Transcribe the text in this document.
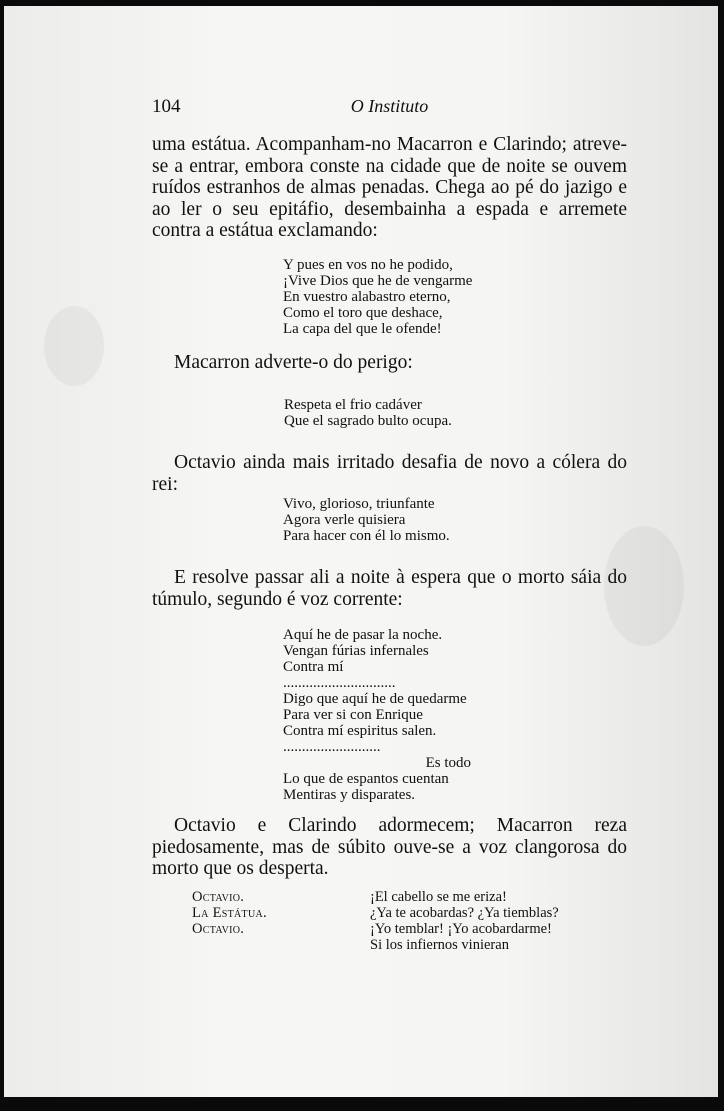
104	O Instituto

uma estátua. Acompanham-no Macarron e Clarindo; atreve-se a entrar, embora conste na cidade que de noite se ouvem ruídos estranhos de almas penadas. Chega ao pé do jazigo e ao ler o seu epitáfio, desembainha a espada e arremete contra a estátua exclamando:

Y pues en vos no he podido,
¡Vive Dios que he de vengarme
En vuestro alabastro eterno,
Como el toro que deshace,
La capa del que le ofende!

Macarron adverte-o do perigo:

Respeta el frio cadáver
Que el sagrado bulto ocupa.

Octavio ainda mais irritado desafia de novo a cólera do rei:

Vivo, glorioso, triunfante
Agora verle quisiera
Para hacer con él lo mismo.

E resolve passar ali a noite à espera que o morto sáia do túmulo, segundo é voz corrente:

Aquí he de pasar la noche.
Vengan fúrias infernales
Contra mí
..............................
Digo que aquí he de quedarme
Para ver si con Enrique
Contra mí espiritus salen.
..........................
Es todo
Lo que de espantos cuentan
Mentiras y disparates.

Octavio e Clarindo adormecem; Macarron reza piedosamente, mas de súbito ouve-se a voz clangorosa do morto que os desperta.

Octavio.	¡El cabello se me eriza!
La Estátua.	¿Ya te acobardas? ¿Ya tiemblas?
Octavio.	¡Yo temblar! ¡Yo acobardarme!
Si los infiernos vinieran
